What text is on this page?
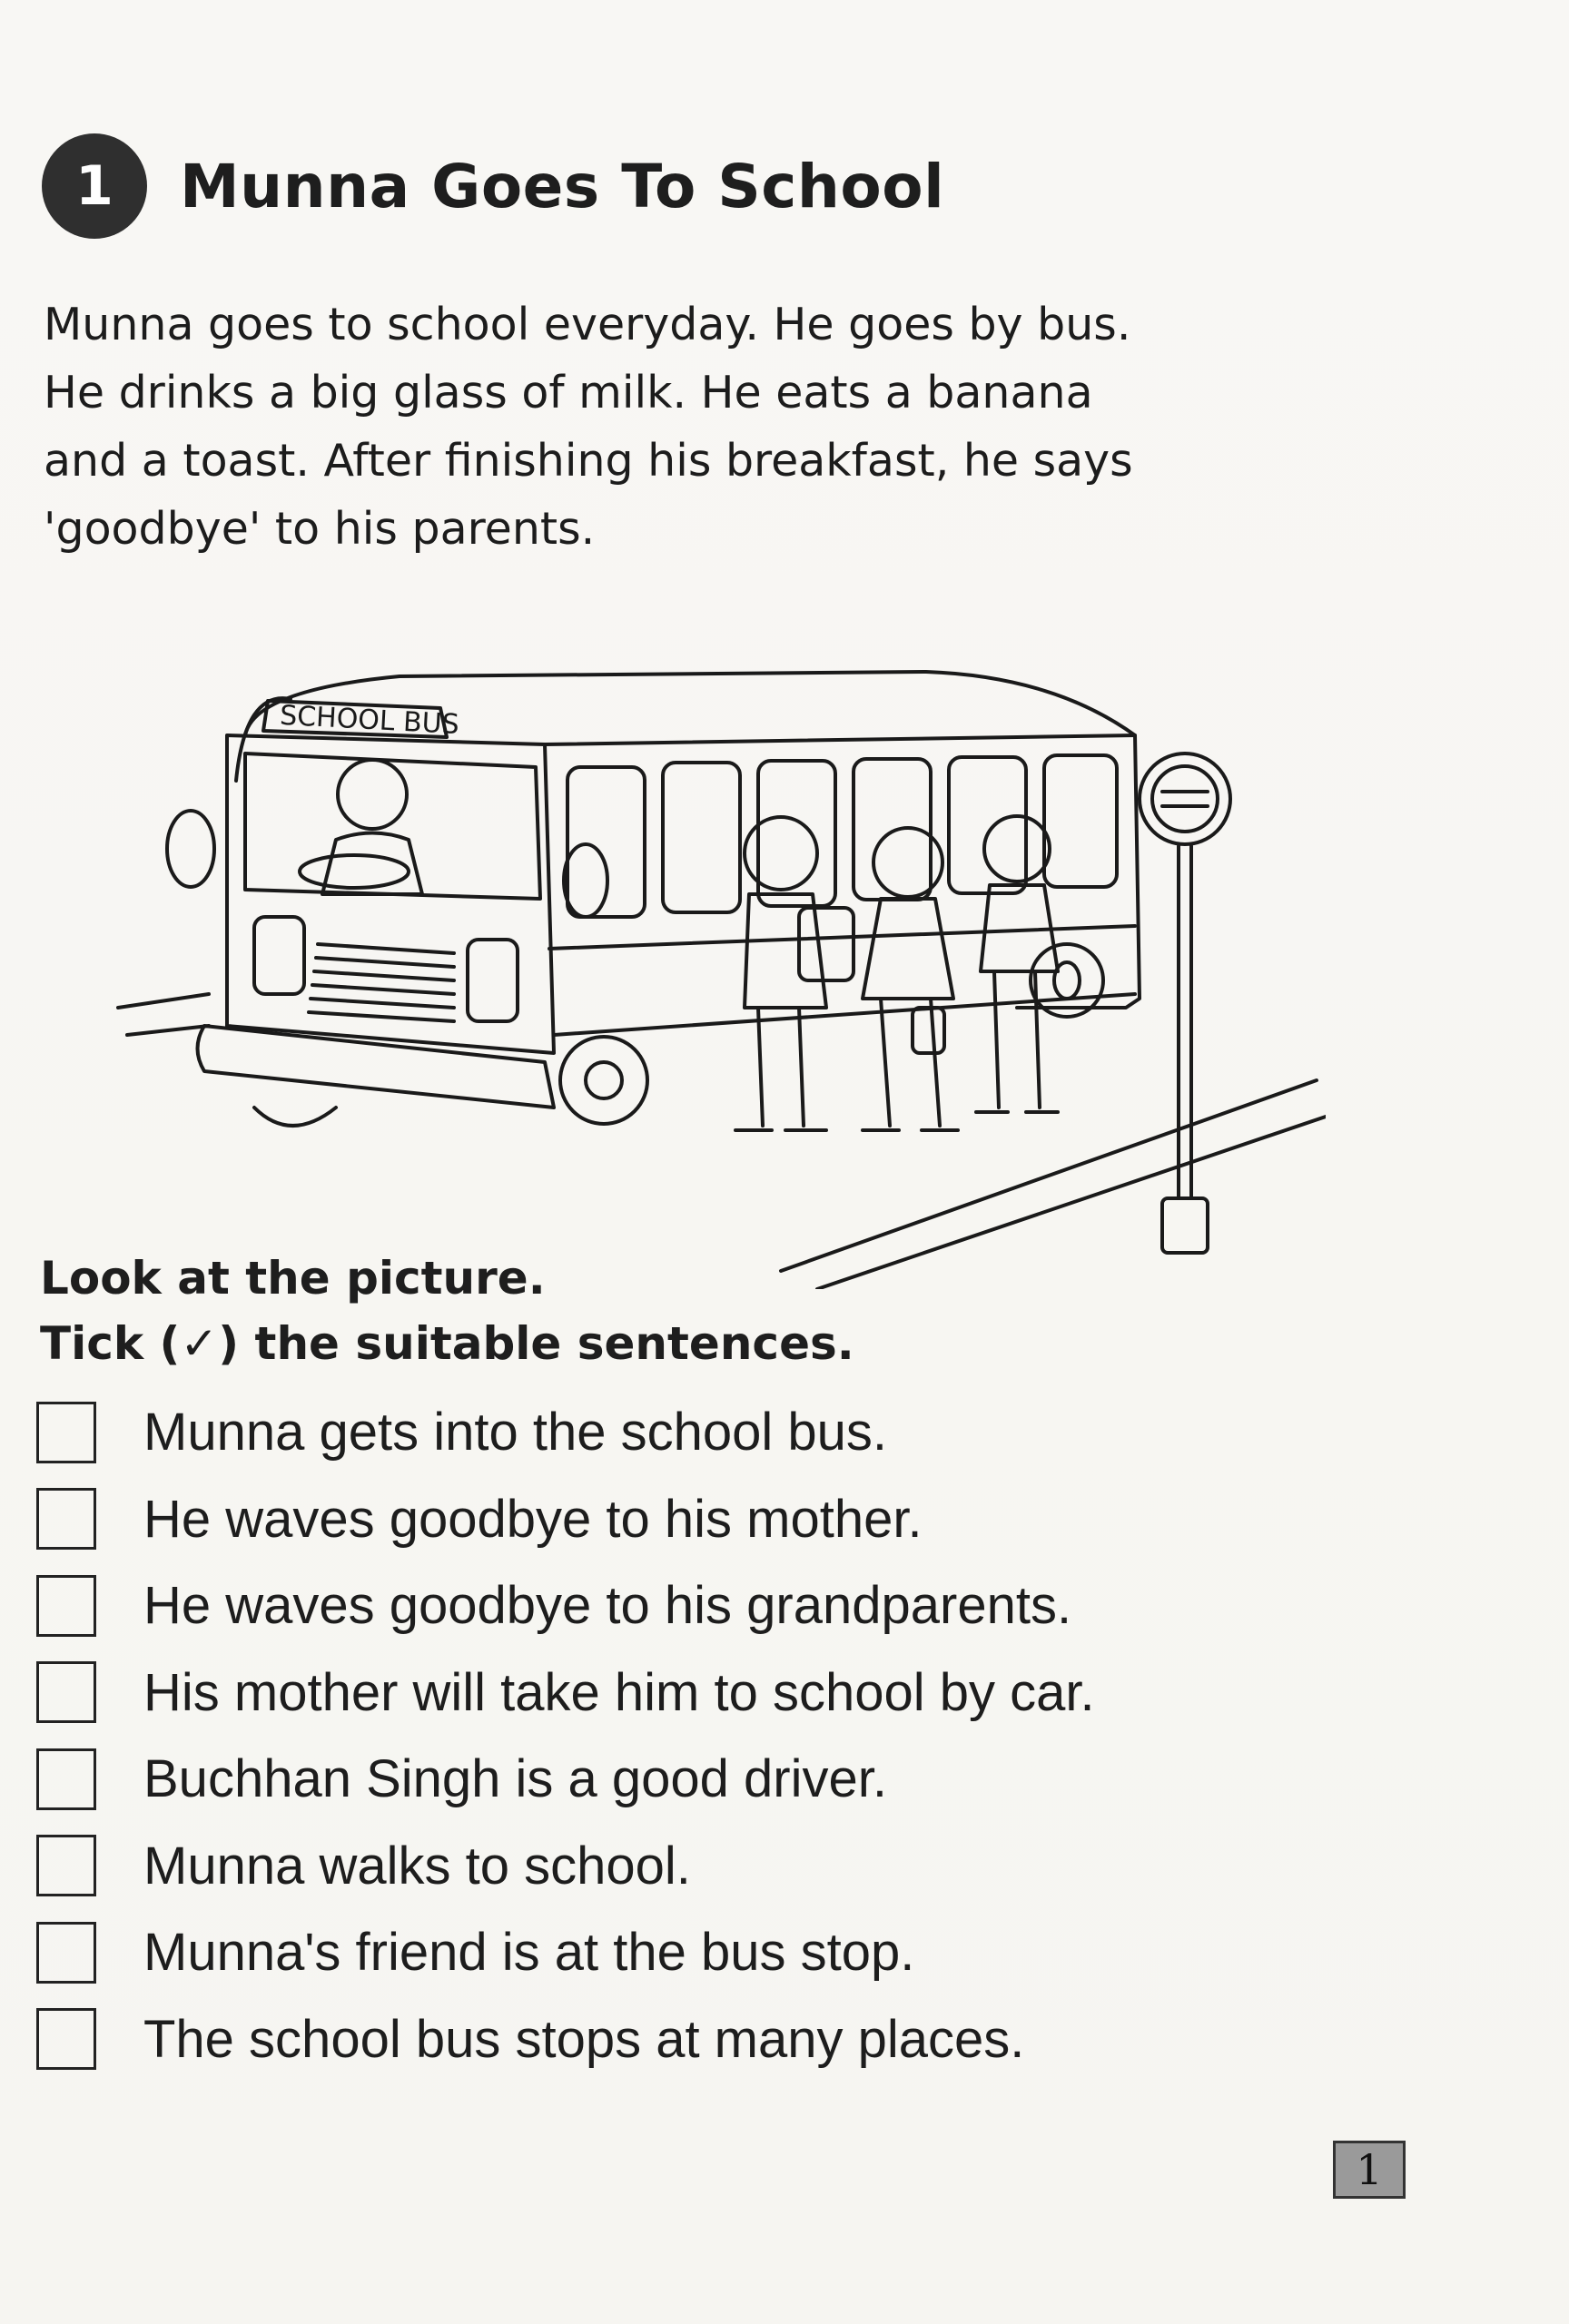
1	Munna Goes To School
Munna goes to school everyday. He goes by bus.
He drinks a big glass of milk. He eats a banana
and a toast. After finishing his breakfast, he says
'goodbye' to his parents.
SCHOOL BUS
Look at the picture.
Tick (✓) the suitable sentences.
Munna gets into the school bus.
He waves goodbye to his mother.
He waves goodbye to his grandparents.
His mother will take him to school by car.
Buchhan Singh is a good driver.
Munna walks to school.
Munna's friend is at the bus stop.
The school bus stops at many places.
1
